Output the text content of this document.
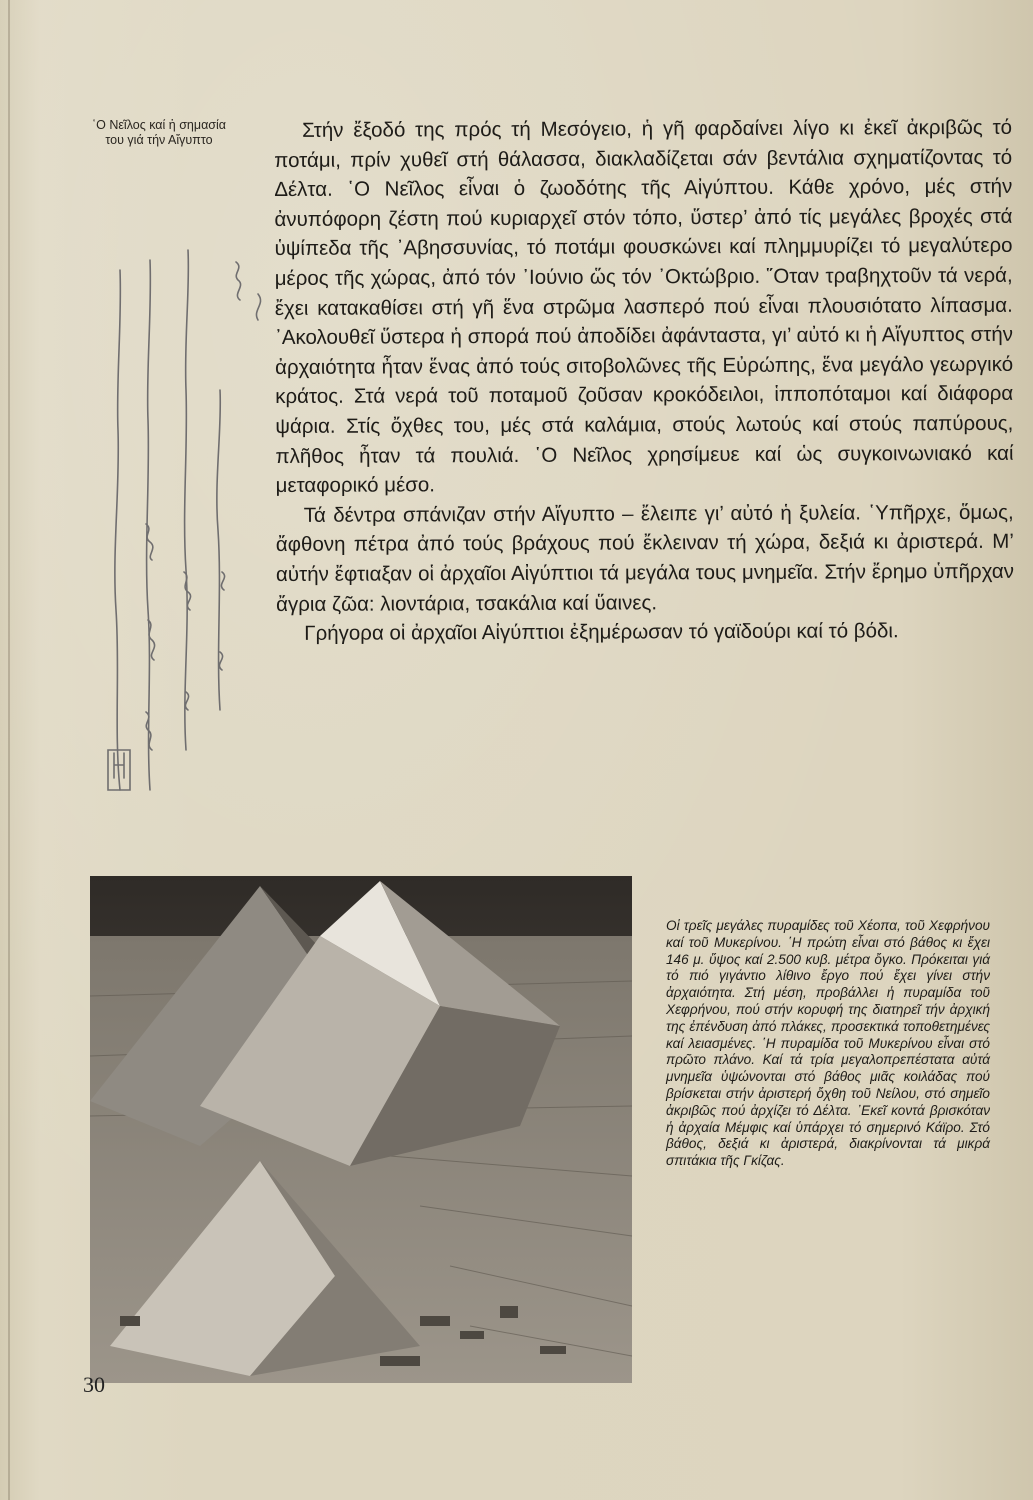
῾Ο Νεῖλος καί ἡ σημασία του γιά τήν Αἴγυπτο	Στήν ἔξοδό της πρός τή Μεσόγειο, ἡ γῆ φαρδαίνει λίγο κι ἐκεῖ ἀκριβῶς τό ποτάμι, πρίν χυθεῖ στή θάλασσα, διακλαδίζεται σάν βεντάλια σχηματίζοντας τό Δέλτα. ῾Ο Νεῖλος εἶναι ὁ ζωοδότης τῆς Αἰγύπτου. Κάθε χρόνο, μές στήν ἀνυπόφορη ζέστη πού κυριαρχεῖ στόν τόπο, ὕστερ’ ἀπό τίς μεγάλες βροχές στά ὑψίπεδα τῆς ᾿Αβησσυνίας, τό ποτάμι φουσκώνει καί πλημμυρίζει τό μεγαλύτερο μέρος τῆς χώρας, ἀπό τόν ᾿Ιούνιο ὥς τόν ᾿Οκτώβριο. ῞Οταν τραβηχτοῦν τά νερά, ἔχει κατακαθίσει στή γῆ ἕνα στρῶμα λασπερό πού εἶναι πλουσιότατο λίπασμα. ᾿Ακολουθεῖ ὕστερα ἡ σπορά πού ἀποδίδει ἀφάνταστα, γι’ αὐτό κι ἡ Αἴγυπτος στήν ἀρχαιότητα ἦταν ἕνας ἀπό τούς σιτοβολῶνες τῆς Εὐρώπης, ἕνα μεγάλο γεωργικό κράτος. Στά νερά τοῦ ποταμοῦ ζοῦσαν κροκόδειλοι, ἱπποπόταμοι καί διάφορα ψάρια. Στίς ὄχθες του, μές στά καλάμια, στούς λωτούς καί στούς παπύρους, πλῆθος ἦταν τά πουλιά. ῾Ο Νεῖλος χρησίμευε καί ὡς συγκοινωνιακό καί μεταφορικό μέσο.

Τά δέντρα σπάνιζαν στήν Αἴγυπτο – ἔλειπε γι’ αὐτό ἡ ξυλεία. ῾Υπῆρχε, ὅμως, ἄφθονη πέτρα ἀπό τούς βράχους πού ἔκλειναν τή χώρα, δεξιά κι ἀριστερά. Μ’ αὐτήν ἔφτιαξαν οἱ ἀρχαῖοι Αἰγύπτιοι τά μεγάλα τους μνημεῖα. Στήν ἔρημο ὑπῆρχαν ἄγρια ζῶα: λιοντάρια, τσακάλια καί ὕαινες.

Γρήγορα οἱ ἀρχαῖοι Αἰγύπτιοι ἐξημέρωσαν τό γαϊδούρι καί τό βόδι.

Οἱ τρεῖς μεγάλες πυραμίδες τοῦ Χέοπα, τοῦ Χεφρήνου καί τοῦ Μυκερίνου. ῾Η πρώτη εἶναι στό βάθος κι ἔχει 146 μ. ὕψος καί 2.500 κυβ. μέτρα ὄγκο. Πρόκειται γιά τό πιό γιγάντιο λίθινο ἔργο πού ἔχει γίνει στήν ἀρχαιότητα. Στή μέση, προβάλλει ἡ πυραμίδα τοῦ Χεφρήνου, πού στήν κορυφή της διατηρεῖ τήν ἀρχική της ἐπένδυση ἀπό πλάκες, προσεκτικά τοποθετημένες καί λειασμένες. ῾Η πυραμίδα τοῦ Μυκερίνου εἶναι στό πρῶτο πλάνο. Καί τά τρία μεγαλοπρεπέστατα αὐτά μνημεῖα ὑψώνονται στό βάθος μιᾶς κοιλάδας πού βρίσκεται στήν ἀριστερή ὄχθη τοῦ Νείλου, στό σημεῖο ἀκριβῶς πού ἀρχίζει τό Δέλτα. ᾿Εκεῖ κοντά βρισκόταν ἡ ἀρχαία Μέμφις καί ὑπάρχει τό σημερινό Κάϊρο. Στό βάθος, δεξιά κι ἀριστερά, διακρίνονται τά μικρά σπιτάκια τῆς Γκίζας.
30
